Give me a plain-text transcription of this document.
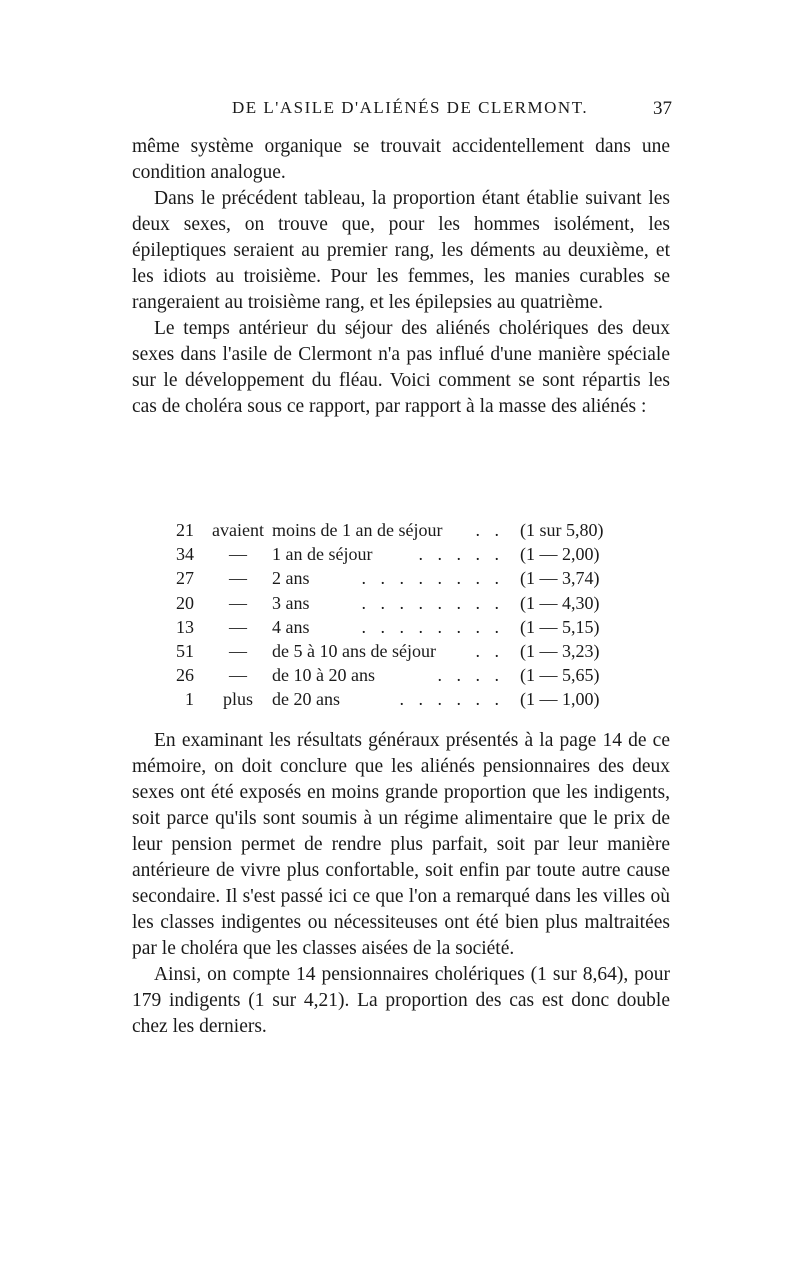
DE L'ASILE D'ALIÉNÉS DE CLERMONT.	37

même système organique se trouvait accidentellement dans une condition analogue.

Dans le précédent tableau, la proportion étant établie suivant les deux sexes, on trouve que, pour les hommes isolément, les épileptiques seraient au premier rang, les déments au deuxième, et les idiots au troisième. Pour les femmes, les manies curables se rangeraient au troisième rang, et les épilepsies au quatrième.

Le temps antérieur du séjour des aliénés cholériques des deux sexes dans l'asile de Clermont n'a pas influé d'une manière spéciale sur le développement du fléau. Voici comment se sont répartis les cas de choléra sous ce rapport, par rapport à la masse des aliénés :

21	avaient moins de 1 an de séjour	. . (1 sur 5,80)
34	—	1 an de séjour	. . . . . (1 — 2,00)
27	—	2 ans	. . . . . . . . (1 — 3,74)
20	—	3 ans	. . . . . . . . (1 — 4,30)
13	—	4 ans	. . . . . . . . (1 — 5,15)
51	—	de 5 à 10 ans de séjour	. . (1 — 3,23)
26	—	de 10 à 20 ans	. . . . (1 — 5,65)
1	plus	de 20 ans	. . . . . . (1 — 1,00)

En examinant les résultats généraux présentés à la page 14 de ce mémoire, on doit conclure que les aliénés pensionnaires des deux sexes ont été exposés en moins grande proportion que les indigents, soit parce qu'ils sont soumis à un régime alimentaire que le prix de leur pension permet de rendre plus parfait, soit par leur manière antérieure de vivre plus confortable, soit enfin par toute autre cause secondaire. Il s'est passé ici ce que l'on a remarqué dans les villes où les classes indigentes ou nécessiteuses ont été bien plus maltraitées par le choléra que les classes aisées de la société.

Ainsi, on compte 14 pensionnaires cholériques (1 sur 8,64), pour 179 indigents (1 sur 4,21). La proportion des cas est donc double chez les derniers.
